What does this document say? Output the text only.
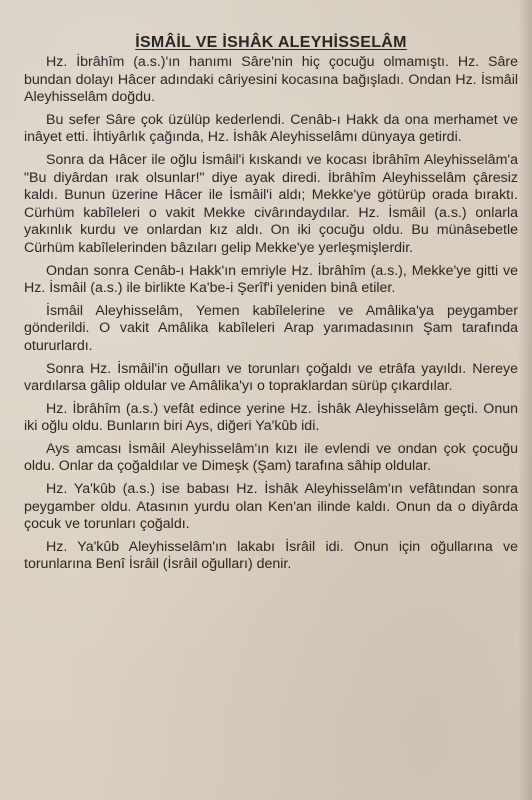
İSMÂİL VE İSHÂK ALEYHİSSELÂM

Hz. İbrâhîm (a.s.)'ın hanımı Sâre'nin hiç çocuğu olmamıştı. Hz. Sâre bundan dolayı Hâcer adındaki câriyesini kocasına bağışladı. Ondan Hz. İsmâil Aleyhisselâm doğdu.

Bu sefer Sâre çok üzülüp kederlendi. Cenâb-ı Hakk da ona merhamet ve inâyet etti. İhtiyârlık çağında, Hz. İshâk Aleyhisselâmı dünyaya getirdi.

Sonra da Hâcer ile oğlu İsmâil'i kıskandı ve kocası İbrâhîm Aleyhisselâm'a "Bu diyârdan ırak olsunlar!" diye ayak diredi. İbrâhîm Aleyhisselâm çâresiz kaldı. Bunun üzerine Hâcer ile İsmâil'i aldı; Mekke'ye götürüp orada bıraktı. Cürhüm kabîleleri o vakit Mekke civârındaydılar. Hz. İsmâil (a.s.) onlarla yakınlık kurdu ve onlardan kız aldı. On iki çocuğu oldu. Bu münâsebetle Cürhüm kabîlelerinden bâzıları gelip Mekke'ye yerleşmişlerdir.

Ondan sonra Cenâb-ı Hakk'ın emriyle Hz. İbrâhîm (a.s.), Mekke'ye gitti ve Hz. İsmâil (a.s.) ile birlikte Ka'be-i Şerîf'i yeniden binâ etiler.

İsmâil Aleyhisselâm, Yemen kabîlelerine ve Amâlika'ya peygamber gönderildi. O vakit Amâlika kabîleleri Arap yarımadasının Şam tarafında otururlardı.

Sonra Hz. İsmâil'in oğulları ve torunları çoğaldı ve etrâfa yayıldı. Nereye vardılarsa gâlip oldular ve Amâlika'yı o topraklardan sürüp çıkardılar.

Hz. İbrâhîm (a.s.) vefât edince yerine Hz. İshâk Aleyhisselâm geçti. Onun iki oğlu oldu. Bunların biri Ays, diğeri Ya'kûb idi.

Ays amcası İsmâil Aleyhisselâm'ın kızı ile evlendi ve ondan çok çocuğu oldu. Onlar da çoğaldılar ve Dimeşk (Şam) tarafına sâhip oldular.

Hz. Ya'kûb (a.s.) ise babası Hz. İshâk Aleyhisselâm'ın vefâtından sonra peygamber oldu. Atasının yurdu olan Ken'an ilinde kaldı. Onun da o diyârda çocuk ve torunları çoğaldı.

Hz. Ya'kûb Aleyhisselâm'ın lakabı İsrâil idi. Onun için oğullarına ve torunlarına Benî İsrâil (İsrâil oğulları) denir.
